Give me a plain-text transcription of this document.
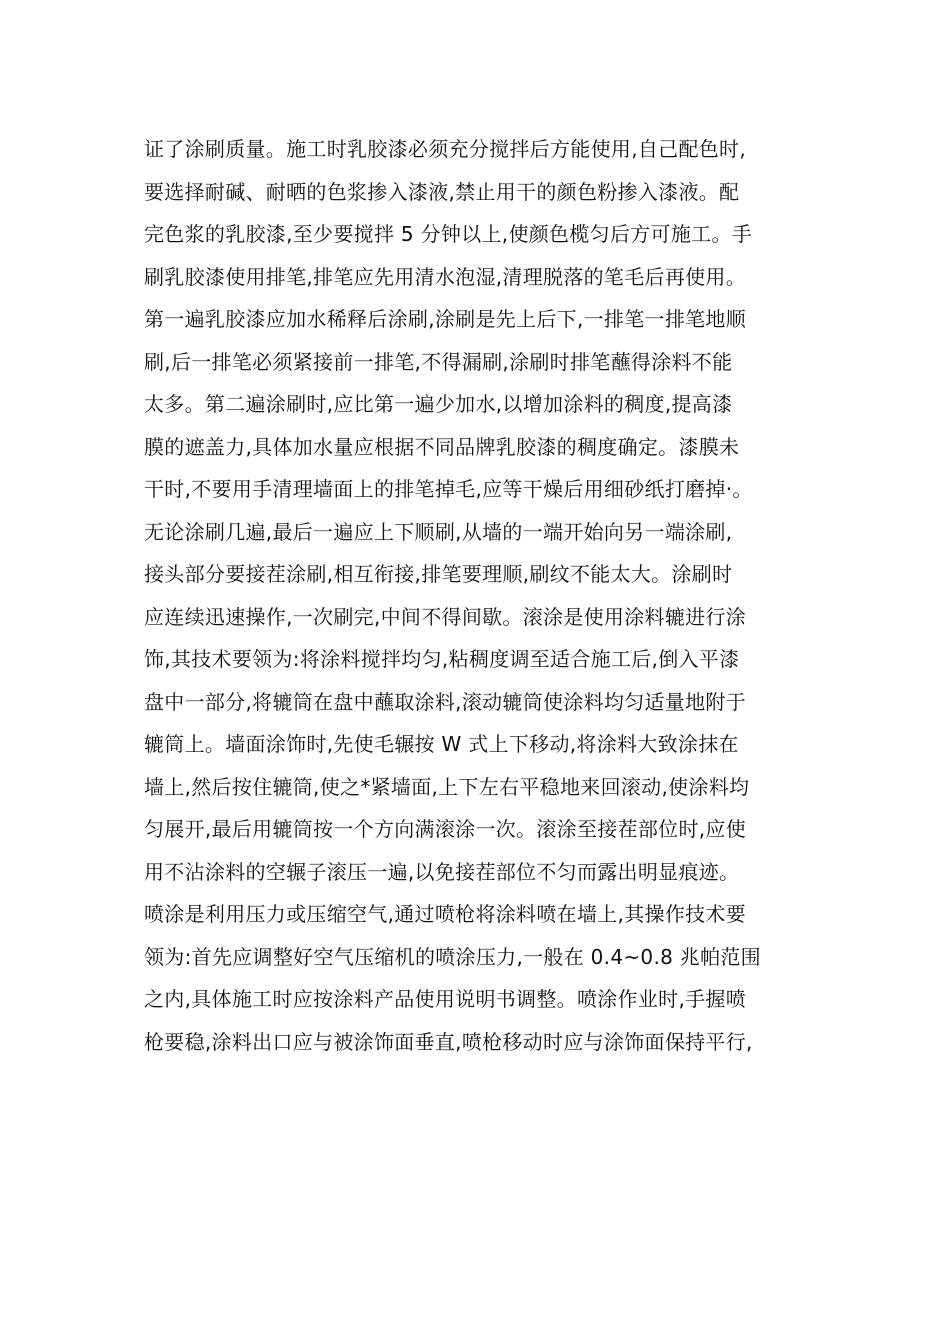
证了涂刷质量。施工时乳胶漆必须充分搅拌后方能使用,自己配色时,
要选择耐碱、耐晒的色浆掺入漆液,禁止用干的颜色粉掺入漆液。配
完色浆的乳胶漆,至少要搅拌 5 分钟以上,使颜色榄匀后方可施工。手
刷乳胶漆使用排笔,排笔应先用清水泡湿,清理脱落的笔毛后再使用。
第一遍乳胶漆应加水稀释后涂刷,涂刷是先上后下,一排笔一排笔地顺
刷,后一排笔必须紧接前一排笔,不得漏刷,涂刷时排笔蘸得涂料不能
太多。第二遍涂刷时,应比第一遍少加水,以增加涂料的稠度,提高漆
膜的遮盖力,具体加水量应根据不同品牌乳胶漆的稠度确定。漆膜未
干时,不要用手清理墙面上的排笔掉毛,应等干燥后用细砂纸打磨掉·。
无论涂刷几遍,最后一遍应上下顺刷,从墙的一端开始向另一端涂刷,
接头部分要接茬涂刷,相互衔接,排笔要理顺,刷纹不能太大。涂刷时
应连续迅速操作,一次刷完,中间不得间歇。滚涂是使用涂料辘进行涂
饰,其技术要领为:将涂料搅拌均匀,粘稠度调至适合施工后,倒入平漆
盘中一部分,将辘筒在盘中蘸取涂料,滚动辘筒使涂料均匀适量地附于
辘筒上。墙面涂饰时,先使毛辗按 W 式上下移动,将涂料大致涂抹在
墙上,然后按住辘筒,使之*紧墙面,上下左右平稳地来回滚动,使涂料均
匀展开,最后用辘筒按一个方向满滚涂一次。滚涂至接茬部位时,应使
用不沾涂料的空辗子滚压一遍,以免接茬部位不匀而露出明显痕迹。
喷涂是利用压力或压缩空气,通过喷枪将涂料喷在墙上,其操作技术要
领为:首先应调整好空气压缩机的喷涂压力,一般在 0.4~0.8 兆帕范围
之内,具体施工时应按涂料产品使用说明书调整。喷涂作业时,手握喷
枪要稳,涂料出口应与被涂饰面垂直,喷枪移动时应与涂饰面保持平行,
